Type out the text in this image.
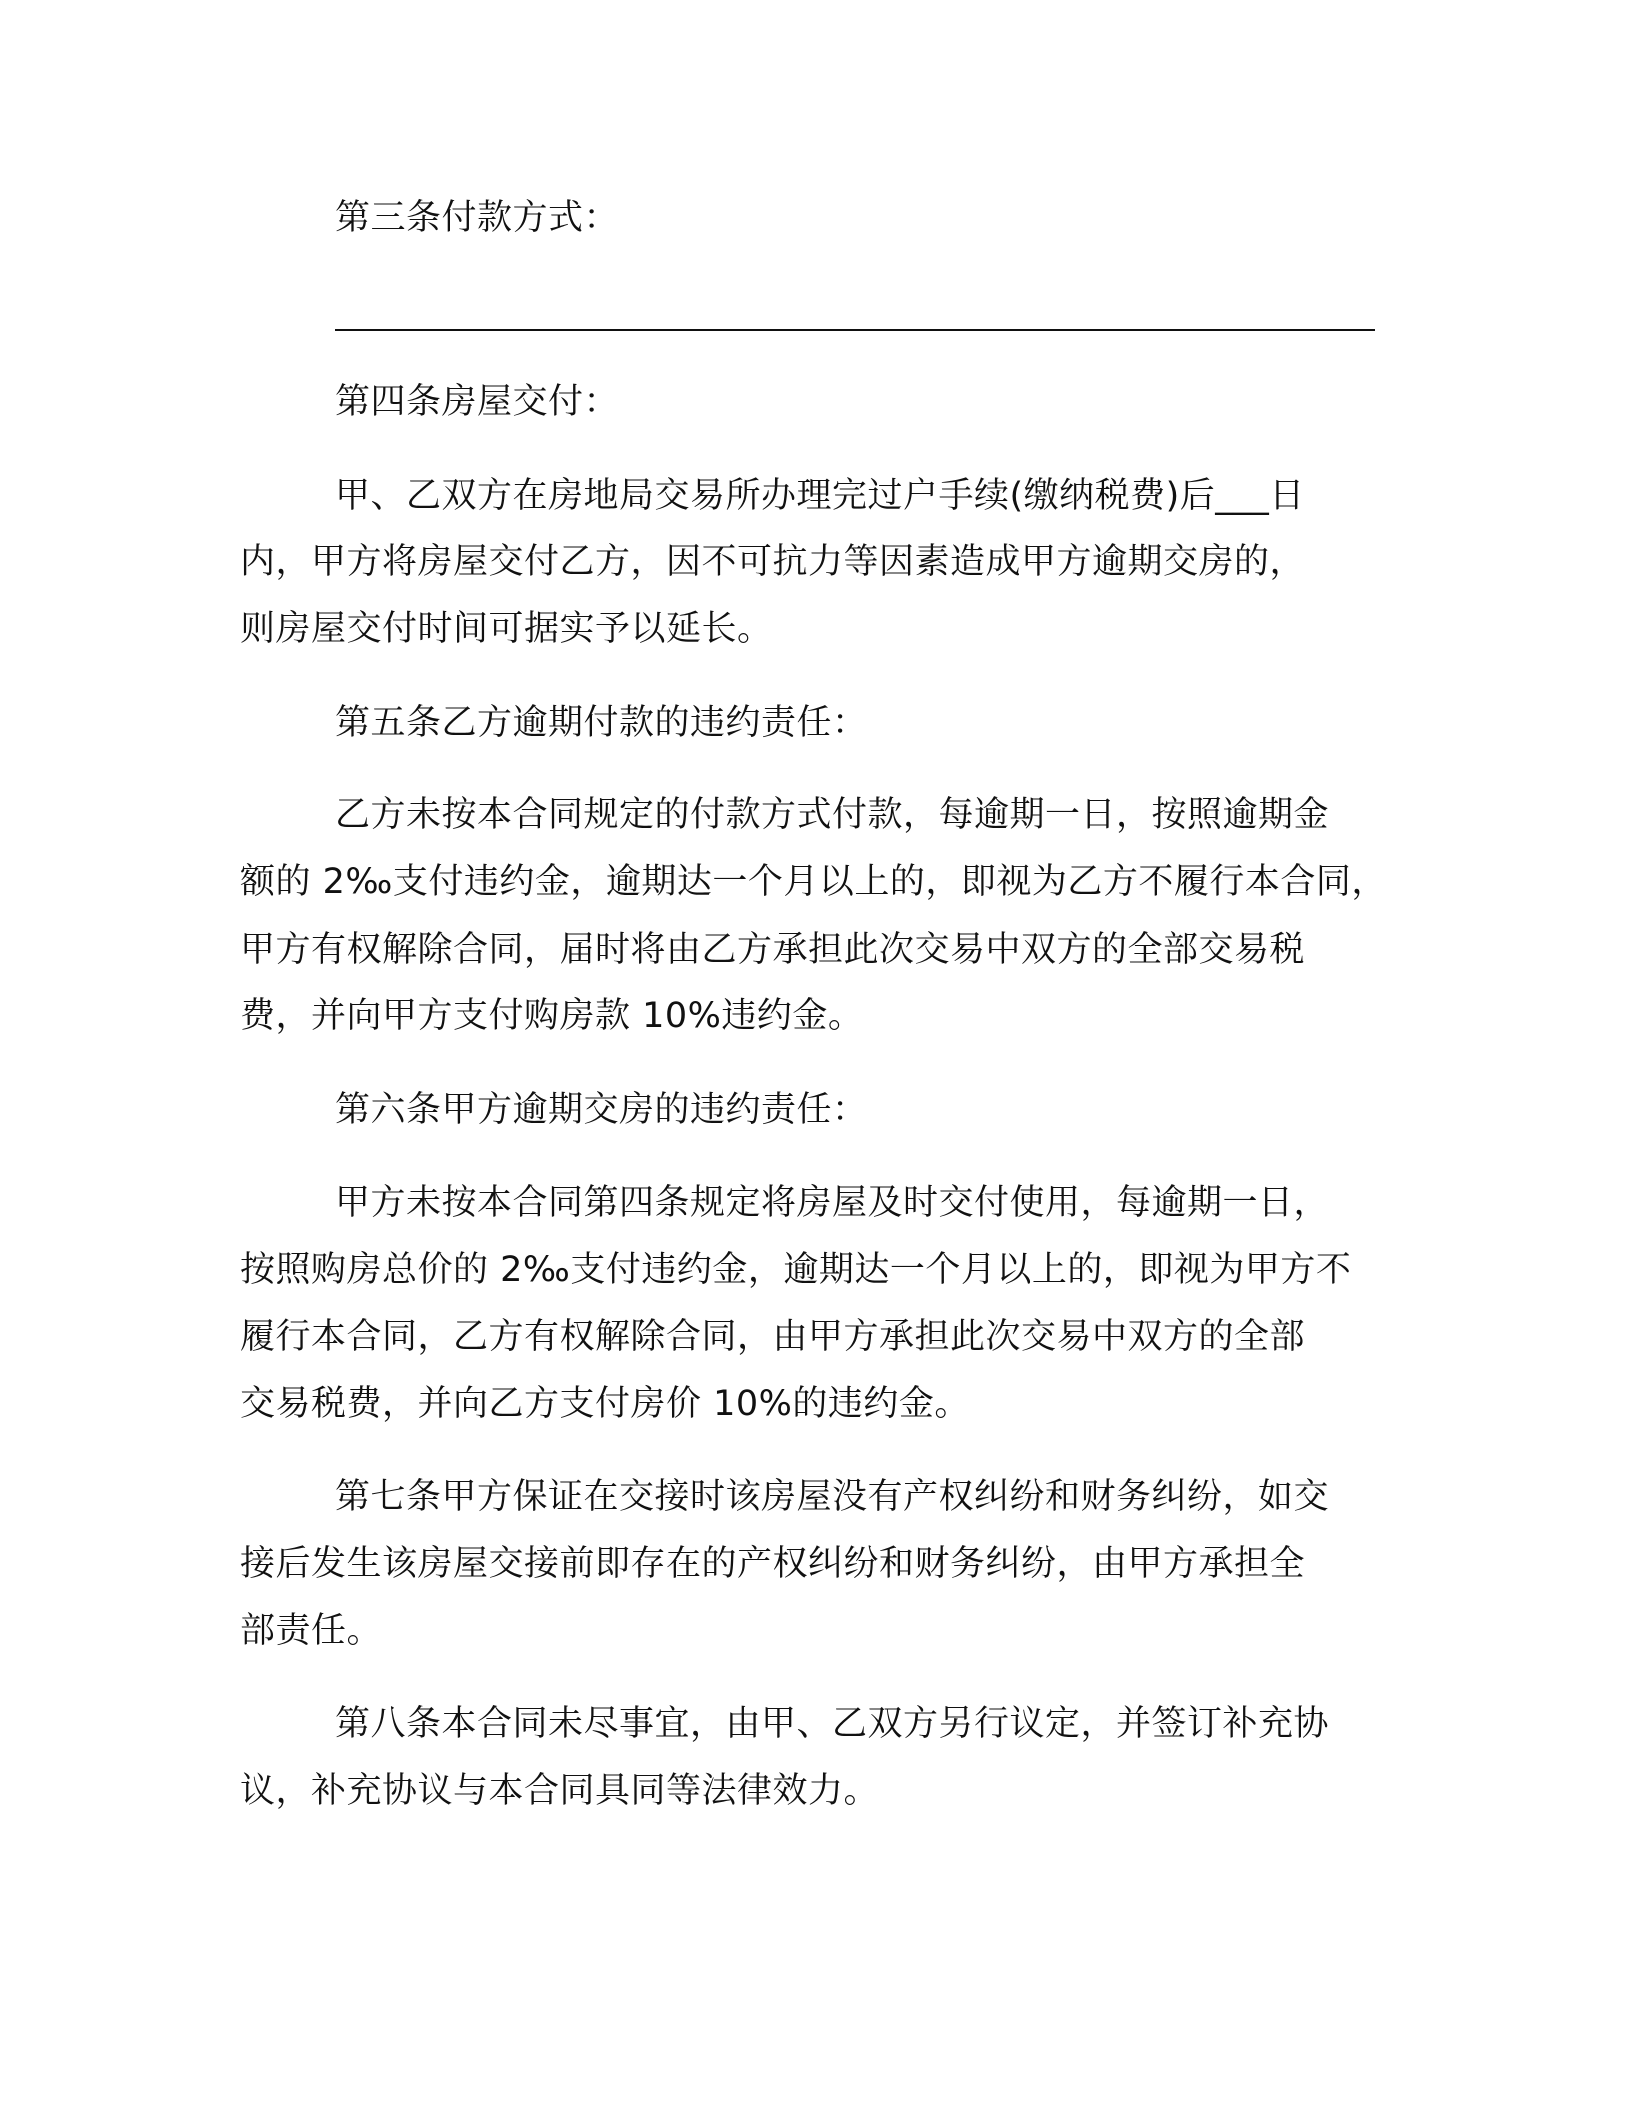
第三条付款方式：
第四条房屋交付：
甲、乙双方在房地局交易所办理完过户手续(缴纳税费)后___日
内，甲方将房屋交付乙方，因不可抗力等因素造成甲方逾期交房的，
则房屋交付时间可据实予以延长。
第五条乙方逾期付款的违约责任：
乙方未按本合同规定的付款方式付款，每逾期一日，按照逾期金
额的 2‰支付违约金，逾期达一个月以上的，即视为乙方不履行本合同，
甲方有权解除合同，届时将由乙方承担此次交易中双方的全部交易税
费，并向甲方支付购房款 10%违约金。
第六条甲方逾期交房的违约责任：
甲方未按本合同第四条规定将房屋及时交付使用，每逾期一日，
按照购房总价的 2‰支付违约金，逾期达一个月以上的，即视为甲方不
履行本合同，乙方有权解除合同，由甲方承担此次交易中双方的全部
交易税费，并向乙方支付房价 10%的违约金。
第七条甲方保证在交接时该房屋没有产权纠纷和财务纠纷，如交
接后发生该房屋交接前即存在的产权纠纷和财务纠纷，由甲方承担全
部责任。
第八条本合同未尽事宜，由甲、乙双方另行议定，并签订补充协
议，补充协议与本合同具同等法律效力。
